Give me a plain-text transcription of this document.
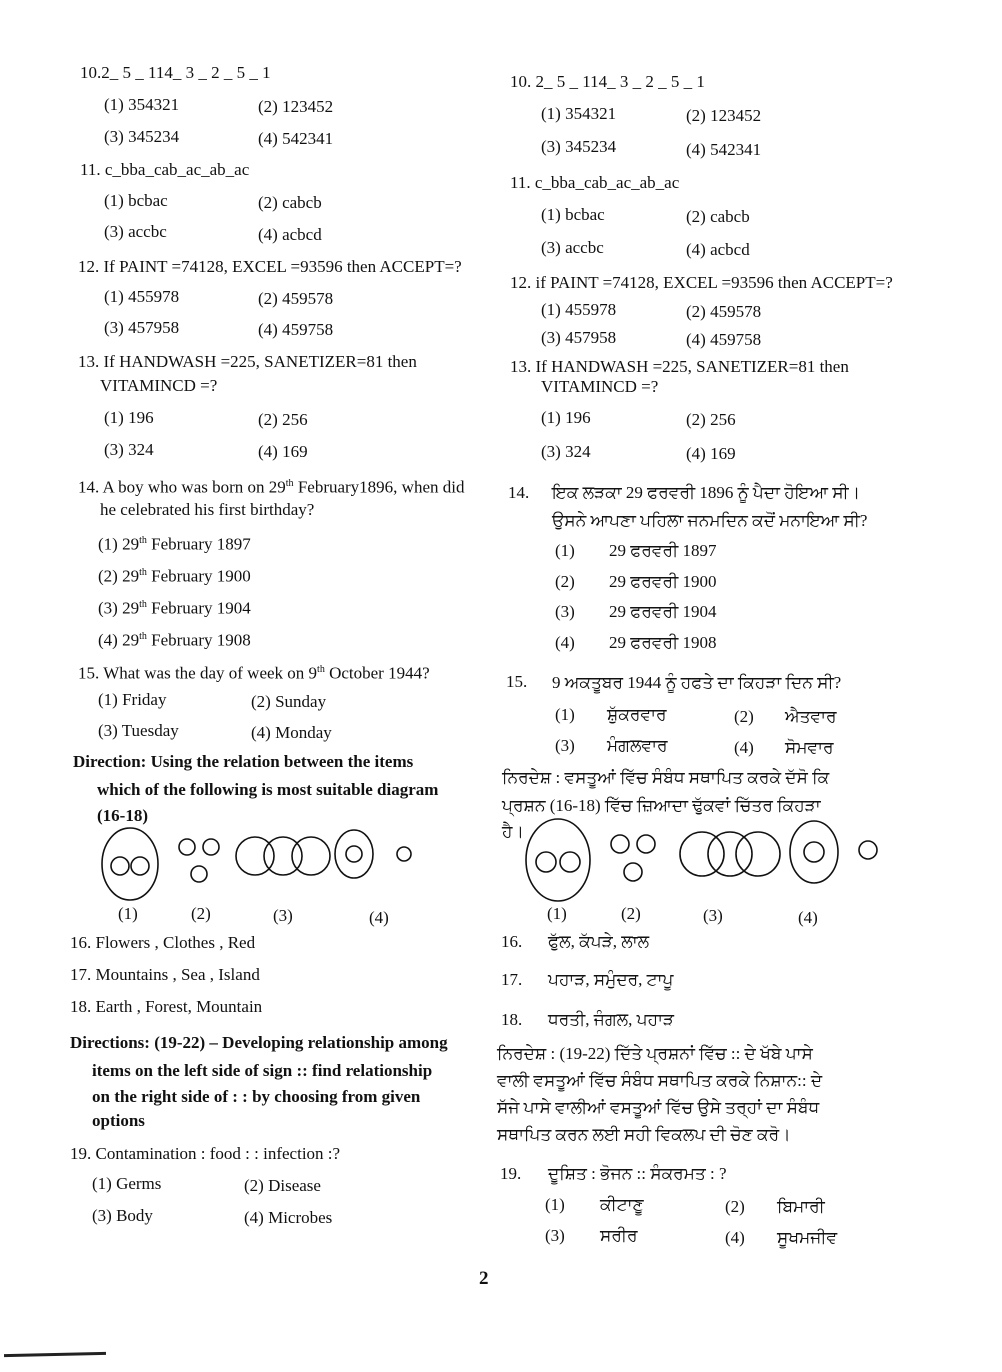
10.2_ 5 _ 114_ 3 _ 2 _ 5 _ 1
(1) 354321	(2) 123452
(3) 345234	(4) 542341
11. c_bba_cab_ac_ab_ac
(1) bcbac	(2) cabcb
(3) accbc	(4) acbcd
12. If PAINT =74128, EXCEL =93596 then ACCEPT=?
(1) 455978	(2) 459578
(3) 457958	(4) 459758
13. If HANDWASH =225, SANETIZER=81 then
VITAMINCD =?
(1) 196	(2) 256
(3) 324	(4) 169
14. A boy who was born on 29th February1896, when did
he celebrated his first birthday?
(1) 29th February 1897
(2) 29th February 1900
(3) 29th February 1904
(4) 29th February 1908
15. What was the day of week on 9th October 1944?
(1) Friday	(2) Sunday
(3) Tuesday	(4) Monday
Direction: Using the relation between the items
which of the following is most suitable diagram
(16-18)
(1)	(2)	(3)	(4)
16. Flowers , Clothes , Red
17. Mountains , Sea , Island
18. Earth , Forest, Mountain
Directions: (19-22) – Developing relationship among
items on the left side of sign :: find relationship
on the right side of : : by choosing from given
options
19. Contamination : food : : infection :?
(1) Germs	(2) Disease
(3) Body	(4) Microbes
10. 2_ 5 _ 114_ 3 _ 2 _ 5 _ 1
(1) 354321	(2) 123452
(3) 345234	(4) 542341
11. c_bba_cab_ac_ab_ac
(1) bcbac	(2) cabcb
(3) accbc	(4) acbcd
12. if PAINT =74128, EXCEL =93596 then ACCEPT=?
(1) 455978	(2) 459578
(3) 457958	(4) 459758
13. If HANDWASH =225, SANETIZER=81 then
VITAMINCD =?
(1) 196	(2) 256
(3) 324	(4) 169
14. ਇਕ ਲੜਕਾ 29 ਫਰਵਰੀ 1896 ਨੂੰ ਪੈਦਾ ਹੋਇਆ ਸੀ।
ਉਸਨੇ ਆਪਣਾ ਪਹਿਲਾ ਜਨਮਦਿਨ ਕਦੋਂ ਮਨਾਇਆ ਸੀ?
(1) 29 ਫਰਵਰੀ 1897
(2) 29 ਫਰਵਰੀ 1900
(3) 29 ਫਰਵਰੀ 1904
(4) 29 ਫਰਵਰੀ 1908
15. 9 ਅਕਤੂਬਰ 1944 ਨੂੰ ਹਫਤੇ ਦਾ ਕਿਹੜਾ ਦਿਨ ਸੀ?
(1) ਸ਼ੁੱਕਰਵਾਰ	(2) ਐਤਵਾਰ
(3) ਮੰਗਲਵਾਰ	(4) ਸੋਮਵਾਰ
ਨਿਰਦੇਸ਼ : ਵਸਤੂਆਂ ਵਿੱਚ ਸੰਬੰਧ ਸਥਾਪਿਤ ਕਰਕੇ ਦੱਸੋ ਕਿ
ਪ੍ਰਸ਼ਨ (16-18) ਵਿੱਚ ਜ਼ਿਆਦਾ ਢੁੱਕਵਾਂ ਚਿੱਤਰ ਕਿਹੜਾ
ਹੈ।
(1)	(2)	(3)	(4)
16. ਫੁੱਲ, ਕੱਪੜੇ, ਲਾਲ
17. ਪਹਾੜ, ਸਮੁੰਦਰ, ਟਾਪੂ
18. ਧਰਤੀ, ਜੰਗਲ, ਪਹਾੜ
ਨਿਰਦੇਸ਼ : (19-22) ਦਿੱਤੇ ਪ੍ਰਸ਼ਨਾਂ ਵਿੱਚ :: ਦੇ ਖੱਬੇ ਪਾਸੇ
ਵਾਲੀ ਵਸਤੂਆਂ ਵਿੱਚ ਸੰਬੰਧ ਸਥਾਪਿਤ ਕਰਕੇ ਨਿਸ਼ਾਨ:: ਦੇ
ਸੱਜੇ ਪਾਸੇ ਵਾਲੀਆਂ ਵਸਤੂਆਂ ਵਿੱਚ ਉਸੇ ਤਰ੍ਹਾਂ ਦਾ ਸੰਬੰਧ
ਸਥਾਪਿਤ ਕਰਨ ਲਈ ਸਹੀ ਵਿਕਲਪ ਦੀ ਚੋਣ ਕਰੋ।
19. ਦੂਸ਼ਿਤ : ਭੋਜਨ :: ਸੰਕਰਮਤ : ?
(1) ਕੀਟਾਣੂ	(2) ਬਿਮਾਰੀ
(3) ਸਰੀਰ	(4) ਸੂਖਮਜੀਵ
2
